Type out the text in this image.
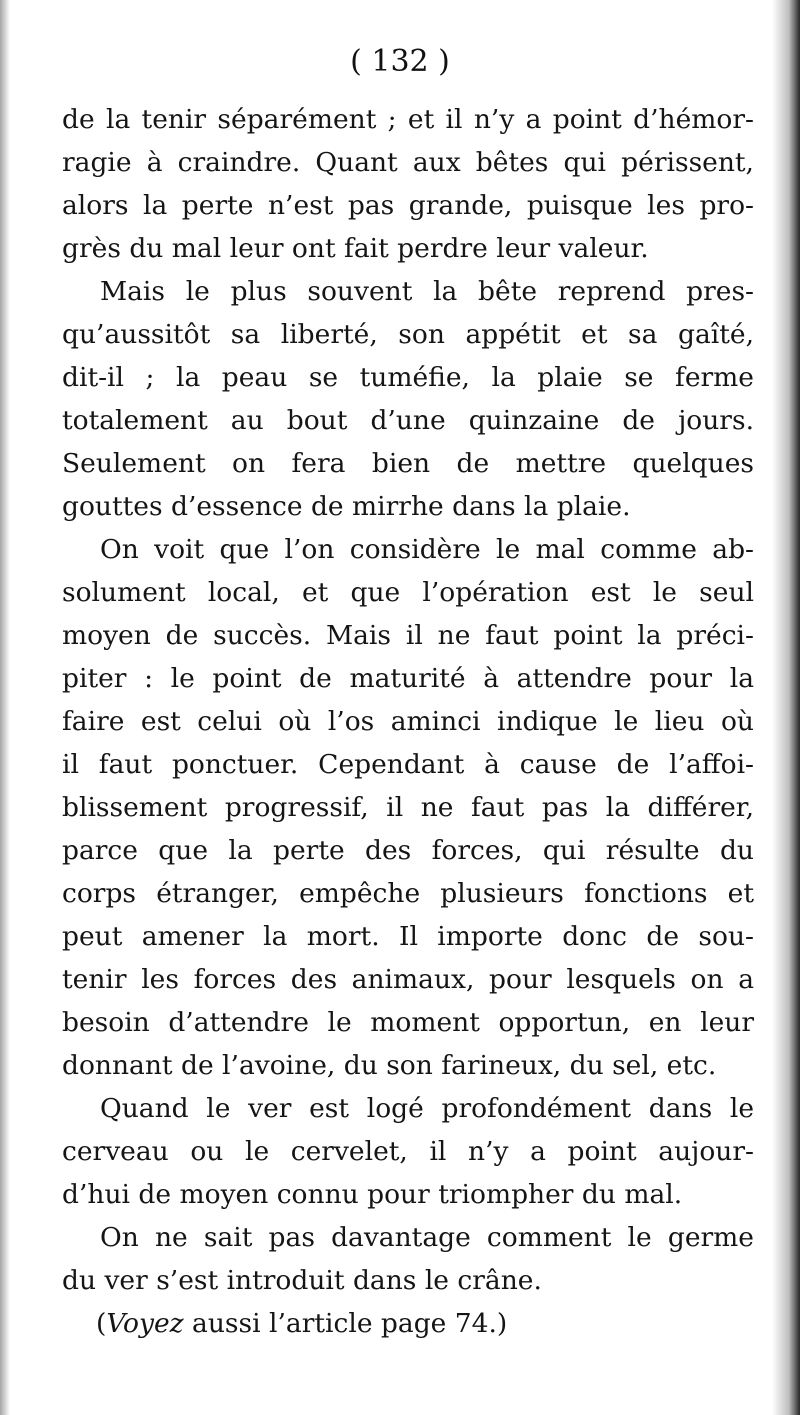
( 132 )
de la tenir séparément ; et il n’y a point d’hémor-
ragie à craindre. Quant aux bêtes qui périssent,
alors la perte n’est pas grande, puisque les pro-
grès du mal leur ont fait perdre leur valeur.
Mais le plus souvent la bête reprend pres-
qu’aussitôt sa liberté, son appétit et sa gaîté,
dit-il ; la peau se tuméfie, la plaie se ferme
totalement au bout d’une quinzaine de jours.
Seulement on fera bien de mettre quelques
gouttes d’essence de mirrhe dans la plaie.
On voit que l’on considère le mal comme ab-
solument local, et que l’opération est le seul
moyen de succès. Mais il ne faut point la préci-
piter : le point de maturité à attendre pour la
faire est celui où l’os aminci indique le lieu où
il faut ponctuer. Cependant à cause de l’affoi-
blissement progressif, il ne faut pas la différer,
parce que la perte des forces, qui résulte du
corps étranger, empêche plusieurs fonctions et
peut amener la mort. Il importe donc de sou-
tenir les forces des animaux, pour lesquels on a
besoin d’attendre le moment opportun, en leur
donnant de l’avoine, du son farineux, du sel, etc.
Quand le ver est logé profondément dans le
cerveau ou le cervelet, il n’y a point aujour-
d’hui de moyen connu pour triompher du mal.
On ne sait pas davantage comment le germe
du ver s’est introduit dans le crâne.
(Voyez aussi l’article page 74.)
